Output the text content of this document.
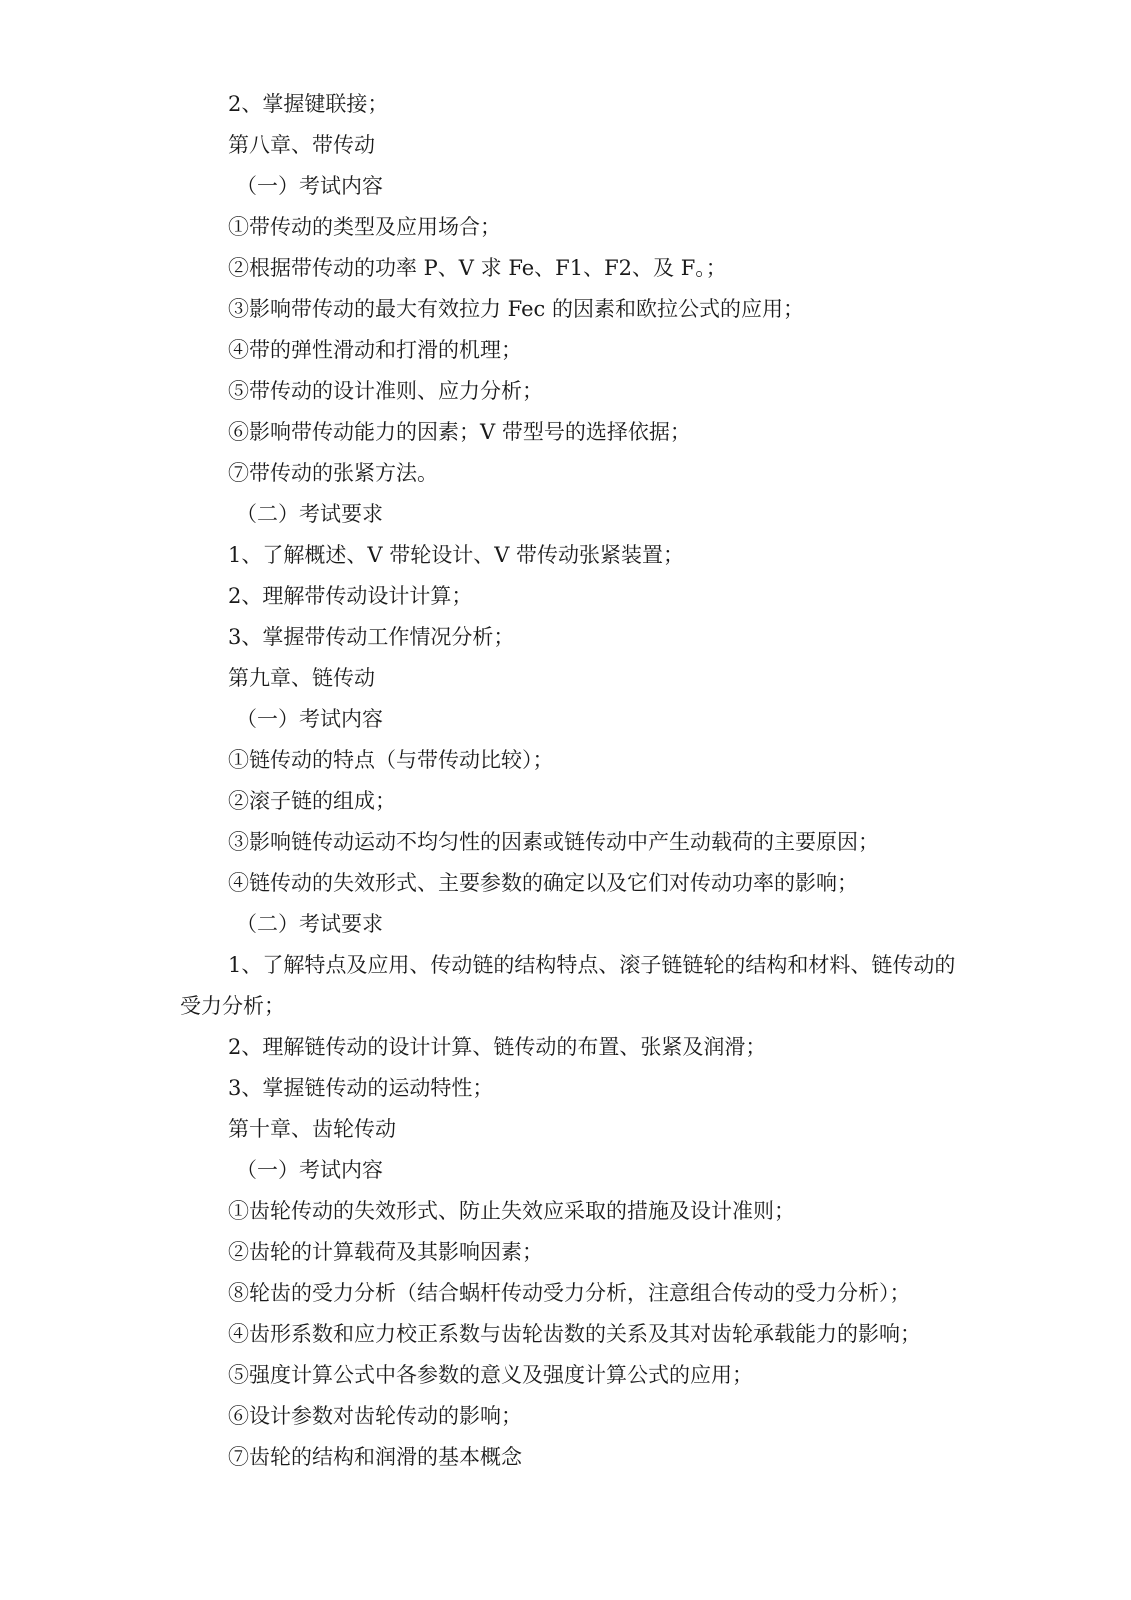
2、掌握键联接；

第八章、带传动

（一）考试内容

①带传动的类型及应用场合；

②根据带传动的功率 P、V 求 Fe、F1、F2、及 F。；

③影响带传动的最大有效拉力 Fec 的因素和欧拉公式的应用；

④带的弹性滑动和打滑的机理；

⑤带传动的设计准则、应力分析；

⑥影响带传动能力的因素；V 带型号的选择依据；

⑦带传动的张紧方法。

（二）考试要求

1、了解概述、V 带轮设计、V 带传动张紧装置；

2、理解带传动设计计算；

3、掌握带传动工作情况分析；

第九章、链传动

（一）考试内容

①链传动的特点（与带传动比较）；

②滚子链的组成；

③影响链传动运动不均匀性的因素或链传动中产生动载荷的主要原因；

④链传动的失效形式、主要参数的确定以及它们对传动功率的影响；

（二）考试要求

1、了解特点及应用、传动链的结构特点、滚子链链轮的结构和材料、链传动的

受力分析；

2、理解链传动的设计计算、链传动的布置、张紧及润滑；

3、掌握链传动的运动特性；

第十章、齿轮传动

（一）考试内容

①齿轮传动的失效形式、防止失效应采取的措施及设计准则；

②齿轮的计算载荷及其影响因素；

⑧轮齿的受力分析（结合蜗杆传动受力分析，注意组合传动的受力分析）；

④齿形系数和应力校正系数与齿轮齿数的关系及其对齿轮承载能力的影响；

⑤强度计算公式中各参数的意义及强度计算公式的应用；

⑥设计参数对齿轮传动的影响；

⑦齿轮的结构和润滑的基本概念
